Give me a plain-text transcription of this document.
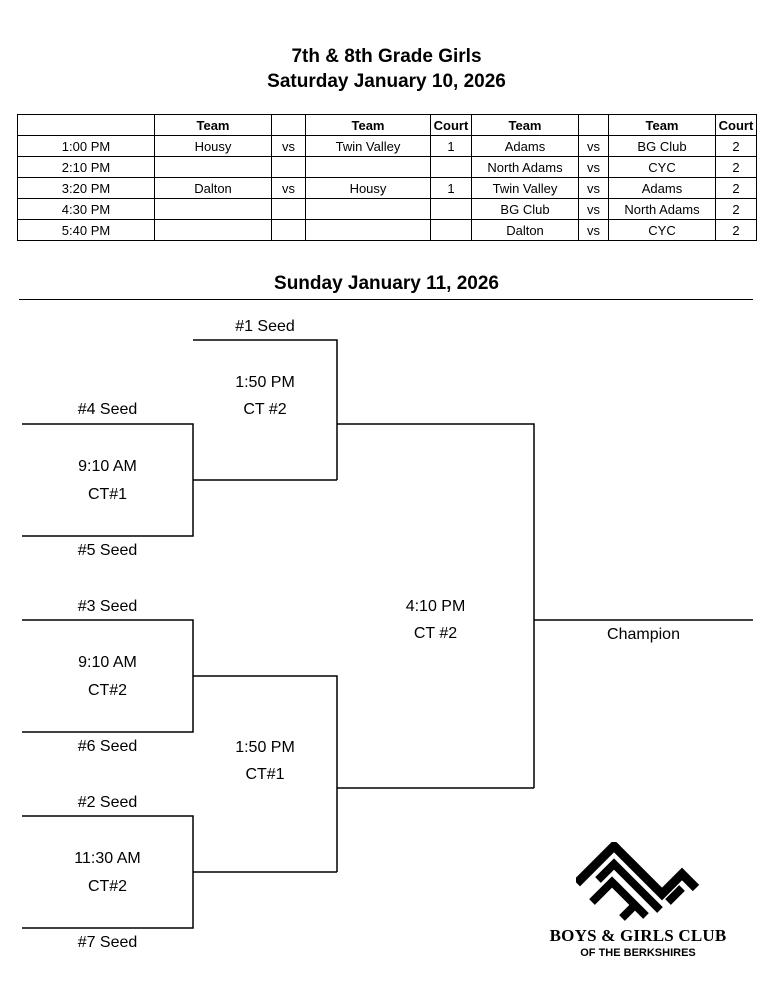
7th & 8th Grade Girls
Saturday January 10, 2026
	Team		Team	Court	Team		Team	Court
1:00 PM	Housy	vs	Twin Valley	1	Adams	vs	BG Club	2
2:10 PM					North Adams	vs	CYC	2
3:20 PM	Dalton	vs	Housy	1	Twin Valley	vs	Adams	2
4:30 PM					BG Club	vs	North Adams	2
5:40 PM					Dalton	vs	CYC	2
Sunday January 11, 2026
#1 Seed
1:50 PM
CT #2
#4 Seed
9:10 AM
CT#1
#5 Seed
#3 Seed
9:10 AM
CT#2
#6 Seed
#2 Seed
11:30 AM
CT#2
#7 Seed
1:50 PM
CT#1
4:10 PM
CT #2	Champion
BOYS & GIRLS CLUB
OF THE BERKSHIRES
